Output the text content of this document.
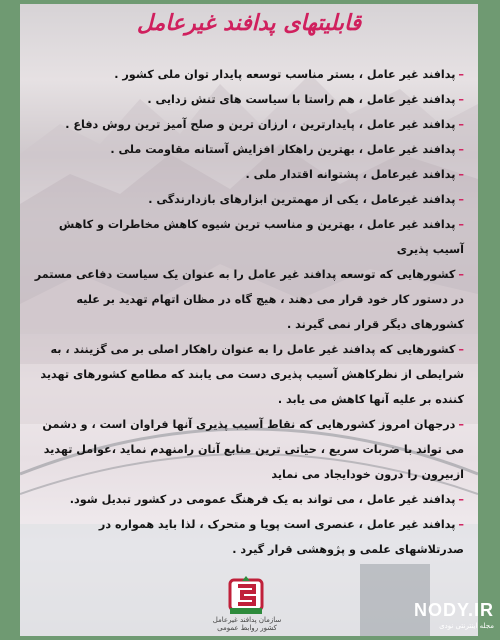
قابلیتهای پدافند غیرعامل

–پدافند غیر عامل ، بستر مناسب توسعه پایدار توان ملی کشور .

–پدافند غیر عامل ، هم راستا با سیاست های تنش زدایی .

–پدافند غیر عامل ، پایدارترین ، ارزان ترین و صلح آمیز ترین روش دفاع .

–پدافند غیر عامل ، بهترین راهکار افزایش آستانه مقاومت ملی .

–پدافند غیرعامل ، پشتوانه اقتدار ملی .

–پدافند غیرعامل ، یکی از مهمترین ابزارهای بازدارندگی .

–پدافند غیر عامل ، بهترین و مناسب ترین شیوه کاهش مخاطرات و کاهش آسیب پذیری

–کشورهایی که توسعه پدافند غیر عامل را به عنوان یک سیاست دفاعی مستمر در دستور کار خود قرار می دهند ، هیچ گاه در مظان اتهام تهدید بر علیه کشورهای دیگر قرار نمی گیرند .

–کشورهایی که پدافند غیر عامل را به عنوان راهکار اصلی بر می گزینند ، به شرایطی از نظرکاهش آسیب پذیری دست می یابند که مطامع کشورهای تهدید کننده بر علیه آنها کاهش می یابد .

–درجهان امروز کشورهایی که نقاط آسیب پذیری آنها فراوان است ، و دشمن می تواند با ضربات سریع ، حیاتی ترین منابع آنان رامنهدم نماید ،عوامل تهدید ازبیرون را درون خودایجاد می نماید

–پدافند غیر عامل ، می تواند به یک فرهنگ عمومی در کشور تبدیل شود.

–پدافند غیر عامل ، عنصری است پویا و متحرک ، لذا باید همواره در صدرتلاشهای علمی و پژوهشی قرار گیرد .

سازمان پدافند غیرعامل کشور روابط عمومی
NODY.IR
مجله اینترنتی نودی
